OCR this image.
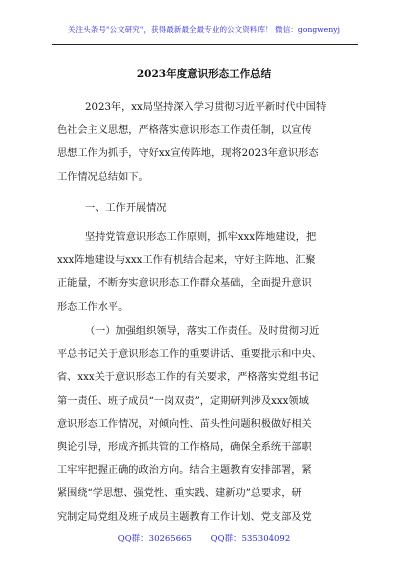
关注头条号"公文研究"，获得最新最全最专业的公文资料库！ 微信：gongwenyj
2023年度意识形态工作总结
2023年，xx局坚持深入学习贯彻习近平新时代中国特
色社会主义思想，严格落实意识形态工作责任制，以宣传
思想工作为抓手，守好xx宣传阵地，现将2023年意识形态
工作情况总结如下。
一、工作开展情况
坚持党管意识形态工作原则，抓牢xxx阵地建设，把
xxx阵地建设与xxx工作有机结合起来，守好主阵地、汇聚
正能量，不断夯实意识形态工作群众基础，全面提升意识
形态工作水平。
（一）加强组织领导，落实工作责任。及时贯彻习近
平总书记关于意识形态工作的重要讲话、重要批示和中央、
省、xxx关于意识形态工作的有关要求，严格落实党组书记
第一责任、班子成员“一岗双责”，定期研判涉及xxx领域
意识形态工作情况，对倾向性、苗头性问题积极做好相关
舆论引导，形成齐抓共管的工作格局，确保全系统干部职
工牢牢把握正确的政治方向。结合主题教育安排部署，紧
紧围绕“学思想、强党性、重实践、建新功”总要求，研
究制定局党组及班子成员主题教育工作计划、党支部及党
QQ群：30265665 QQ群：535304092
